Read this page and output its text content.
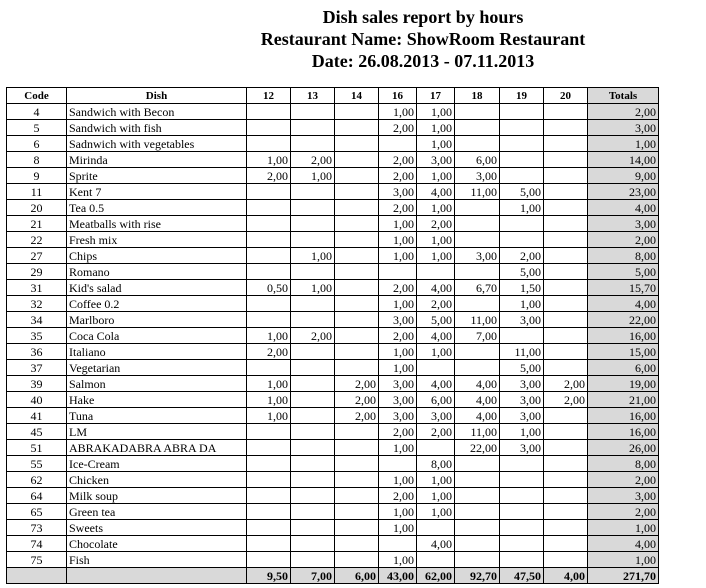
Dish sales report by hours
Restaurant Name: ShowRoom Restaurant
Date: 26.08.2013 - 07.11.2013
Code	Dish	12	13	14	16	17	18	19	20	Totals
4	Sandwich with Becon				1,00	1,00				2,00
5	Sandwich with fish				2,00	1,00				3,00
6	Sadnwich with vegetables					1,00				1,00
8	Mirinda	1,00	2,00		2,00	3,00	6,00			14,00
9	Sprite	2,00	1,00		2,00	1,00	3,00			9,00
11	Kent 7				3,00	4,00	11,00	5,00		23,00
20	Tea 0.5				2,00	1,00		1,00		4,00
21	Meatballs with rise				1,00	2,00				3,00
22	Fresh mix				1,00	1,00				2,00
27	Chips		1,00		1,00	1,00	3,00	2,00		8,00
29	Romano							5,00		5,00
31	Kid's salad	0,50	1,00		2,00	4,00	6,70	1,50		15,70
32	Coffee 0.2				1,00	2,00		1,00		4,00
34	Marlboro				3,00	5,00	11,00	3,00		22,00
35	Coca Cola	1,00	2,00		2,00	4,00	7,00			16,00
36	Italiano	2,00			1,00	1,00		11,00		15,00
37	Vegetarian				1,00			5,00		6,00
39	Salmon	1,00		2,00	3,00	4,00	4,00	3,00	2,00	19,00
40	Hake	1,00		2,00	3,00	6,00	4,00	3,00	2,00	21,00
41	Tuna	1,00		2,00	3,00	3,00	4,00	3,00		16,00
45	LM				2,00	2,00	11,00	1,00		16,00
51	ABRAKADABRA ABRA DA				1,00		22,00	3,00		26,00
55	Ice-Cream					8,00				8,00
62	Chicken				1,00	1,00				2,00
64	Milk soup				2,00	1,00				3,00
65	Green tea				1,00	1,00				2,00
73	Sweets				1,00					1,00
74	Chocolate					4,00				4,00
75	Fish				1,00					1,00
		9,50	7,00	6,00	43,00	62,00	92,70	47,50	4,00	271,70
